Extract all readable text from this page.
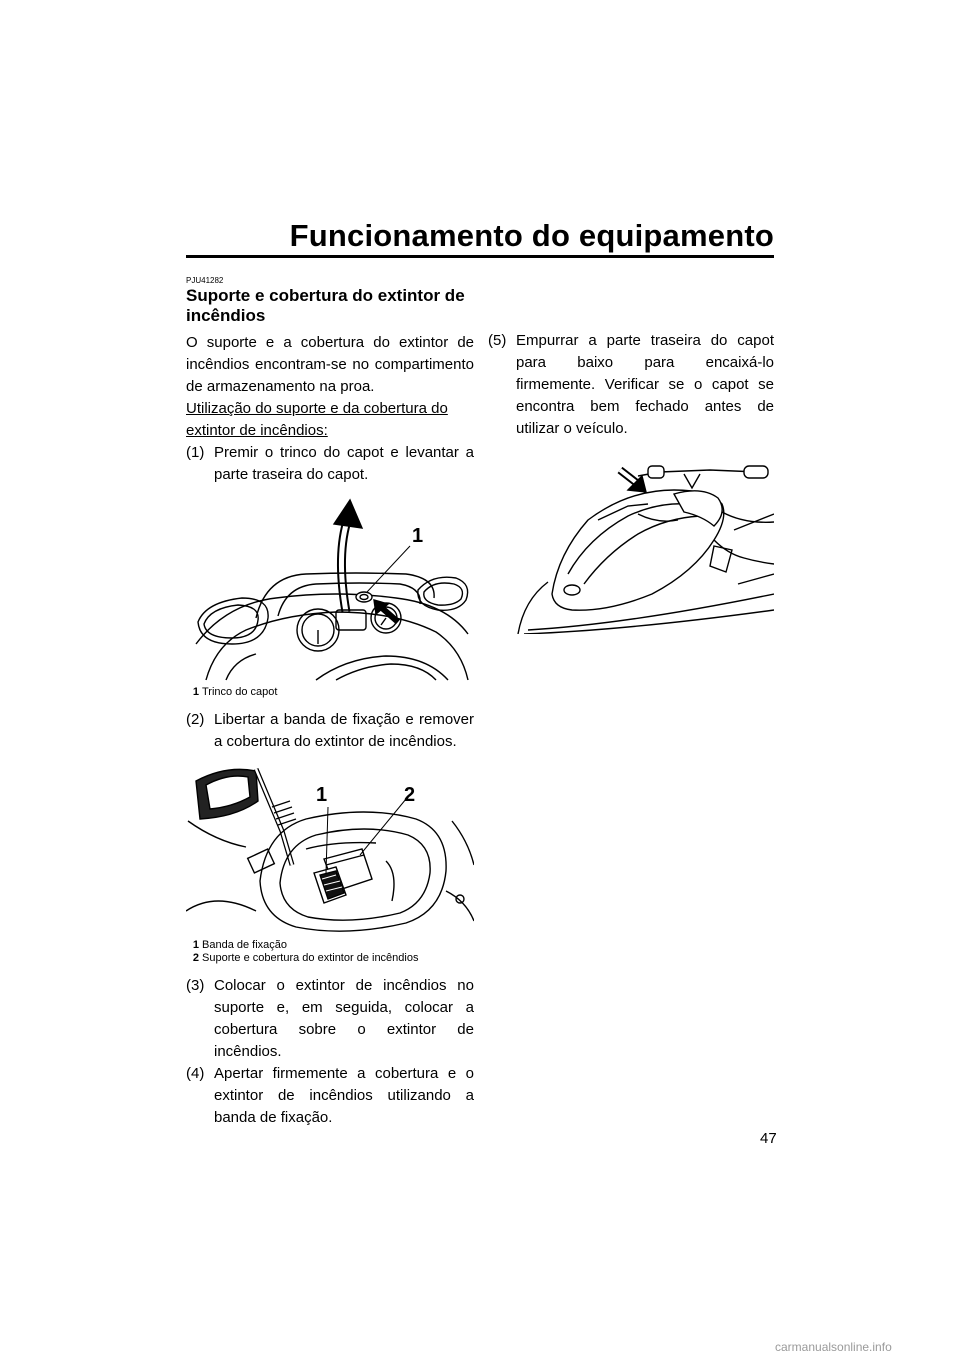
Funcionamento do equipamento
PJU41282
Suporte e cobertura do extintor de incêndios

O suporte e a cobertura do extintor de incêndios encontram-se no compartimento de armazenamento na proa.

Utilização do suporte e da cobertura do extintor de incêndios:

(1) Premir o trinco do capot e levantar a parte traseira do capot.
1
1 Trinco do capot
(2) Libertar a banda de fixação e remover a cobertura do extintor de incêndios.
1	2
1 Banda de fixação
2 Suporte e cobertura do extintor de incêndios
(3) Colocar o extintor de incêndios no suporte e, em seguida, colocar a cobertura sobre o extintor de incêndios.
(4) Apertar firmemente a cobertura e o extintor de incêndios utilizando a banda de fixação.
(5) Empurrar a parte traseira do capot para baixo para encaixá-lo firmemente. Verificar se o capot se encontra bem fechado antes de utilizar o veículo.
47
carmanualsonline.info
